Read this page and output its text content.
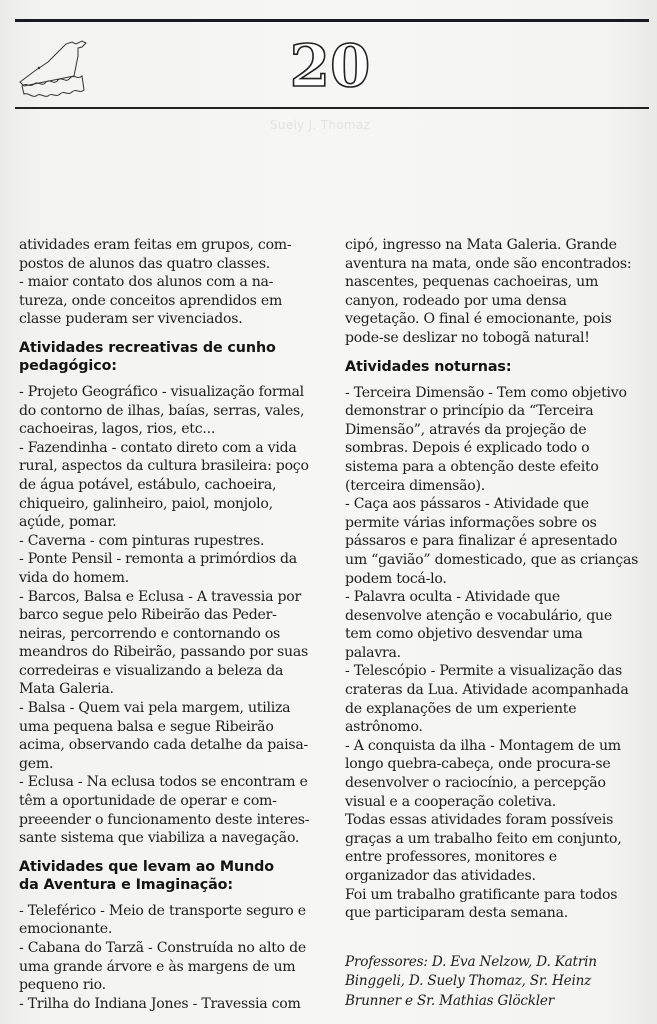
20
Suely J. Thomaz
atividades eram feitas em grupos, com-
postos de alunos das quatro classes.
- maior contato dos alunos com a na-
tureza, onde conceitos aprendidos em
classe puderam ser vivenciados.
Atividades recreativas de cunho
pedagógico:
- Projeto Geográfico - visualização formal
do contorno de ilhas, baías, serras, vales,
cachoeiras, lagos, rios, etc...
- Fazendinha - contato direto com a vida
rural, aspectos da cultura brasileira: poço
de água potável, estábulo, cachoeira,
chiqueiro, galinheiro, paiol, monjolo,
açúde, pomar.
- Caverna - com pinturas rupestres.
- Ponte Pensil - remonta a primórdios da
vida do homem.
- Barcos, Balsa e Eclusa - A travessia por
barco segue pelo Ribeirão das Peder-
neiras, percorrendo e contornando os
meandros do Ribeirão, passando por suas
corredeiras e visualizando a beleza da
Mata Galeria.
- Balsa - Quem vai pela margem, utiliza
uma pequena balsa e segue Ribeirão
acima, observando cada detalhe da paisa-
gem.
- Eclusa - Na eclusa todos se encontram e
têm a oportunidade de operar e com-
preeender o funcionamento deste interes-
sante sistema que viabiliza a navegação.
Atividades que levam ao Mundo
da Aventura e Imaginação:
- Teleférico - Meio de transporte seguro e
emocionante.
- Cabana do Tarzã - Construída no alto de
uma grande árvore e às margens de um
pequeno rio.
- Trilha do Indiana Jones - Travessia com
cipó, ingresso na Mata Galeria. Grande
aventura na mata, onde são encontrados:
nascentes, pequenas cachoeiras, um
canyon, rodeado por uma densa
vegetação. O final é emocionante, pois
pode-se deslizar no tobogã natural!
Atividades noturnas:
- Terceira Dimensão - Tem como objetivo
demonstrar o princípio da “Terceira
Dimensão”, através da projeção de
sombras. Depois é explicado todo o
sistema para a obtenção deste efeito
(terceira dimensão).
- Caça aos pássaros - Atividade que
permite várias informações sobre os
pássaros e para finalizar é apresentado
um “gavião” domesticado, que as crianças
podem tocá-lo.
- Palavra oculta - Atividade que
desenvolve atenção e vocabulário, que
tem como objetivo desvendar uma
palavra.
- Telescópio - Permite a visualização das
crateras da Lua. Atividade acompanhada
de explanações de um experiente
astrônomo.
- A conquista da ilha - Montagem de um
longo quebra-cabeça, onde procura-se
desenvolver o raciocínio, a percepção
visual e a cooperação coletiva.
Todas essas atividades foram possíveis
graças a um trabalho feito em conjunto,
entre professores, monitores e
organizador das atividades.
Foi um trabalho gratificante para todos
que participaram desta semana.
Professores: D. Eva Nelzow, D. Katrin
Binggeli, D. Suely Thomaz, Sr. Heinz
Brunner e Sr. Mathias Glöckler
